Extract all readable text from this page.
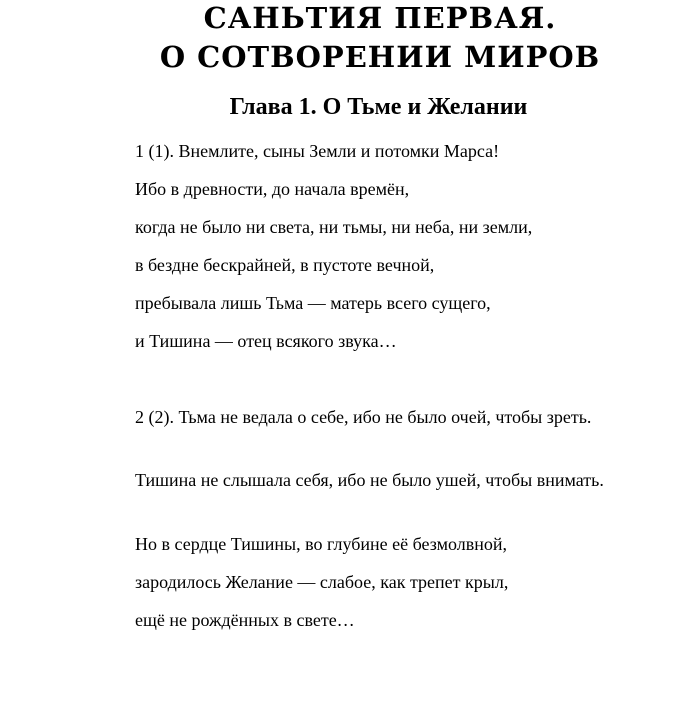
САНЬТИЯ ПЕРВАЯ.
О СОТВОРЕНИИ МИРОВ
Глава 1. О Тьме и Желании
1 (1). Внемлите, сыны Земли и потомки Марса!
Ибо в древности, до начала времён,
когда не было ни света, ни тьмы, ни неба, ни земли,
в бездне бескрайней, в пустоте вечной,
пребывала лишь Тьма — матерь всего сущего,
и Тишина — отец всякого звука…
2 (2). Тьма не ведала о себе, ибо не было очей, чтобы зреть.
Тишина не слышала себя, ибо не было ушей, чтобы внимать.
Но в сердце Тишины, во глубине её безмолвной,
зародилось Желание — слабое, как трепет крыл,
ещё не рождённых в свете…
